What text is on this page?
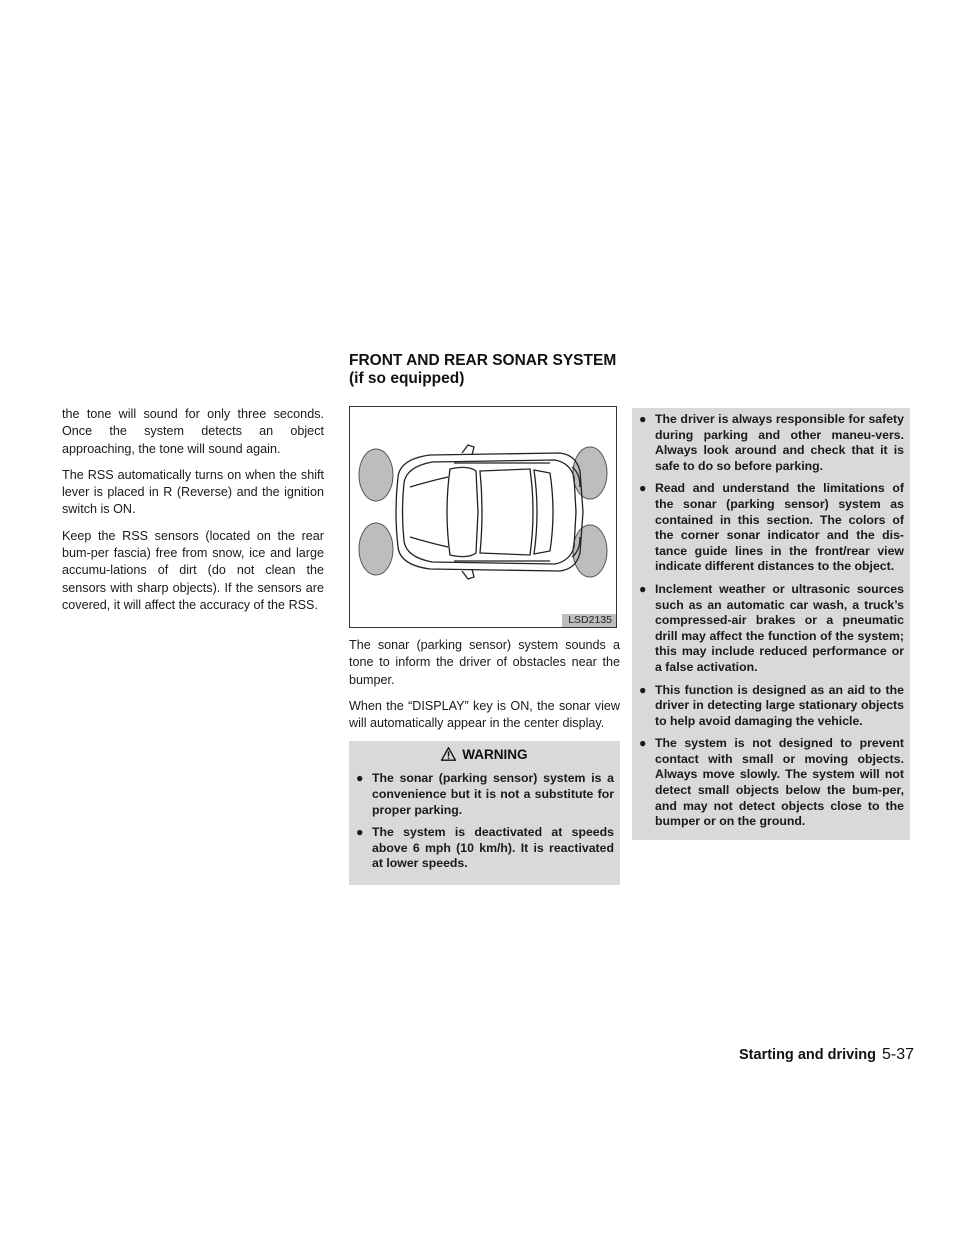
FRONT AND REAR SONAR SYSTEM
(if so equipped)

the tone will sound for only three seconds. Once the system detects an object approaching, the tone will sound again.

The RSS automatically turns on when the shift lever is placed in R (Reverse) and the ignition switch is ON.

Keep the RSS sensors (located on the rear bum-per fascia) free from snow, ice and large accumu-lations of dirt (do not clean the sensors with sharp objects). If the sensors are covered, it will affect the accuracy of the RSS.

LSD2135

The sonar (parking sensor) system sounds a tone to inform the driver of obstacles near the bumper.

When the “DISPLAY” key is ON, the sonar view will automatically appear in the center display.

WARNING
● The sonar (parking sensor) system is a convenience but it is not a substitute for proper parking.
● The system is deactivated at speeds above 6 mph (10 km/h). It is reactivated at lower speeds.
● The driver is always responsible for safety during parking and other maneu-vers. Always look around and check that it is safe to do so before parking.
● Read and understand the limitations of the sonar (parking sensor) system as contained in this section. The colors of the corner sonar indicator and the dis-tance guide lines in the front/rear view indicate different distances to the object.
● Inclement weather or ultrasonic sources such as an automatic car wash, a truck’s compressed-air brakes or a pneumatic drill may affect the function of the system; this may include reduced performance or a false activation.
● This function is designed as an aid to the driver in detecting large stationary objects to help avoid damaging the vehicle.
● The system is not designed to prevent contact with small or moving objects. Always move slowly. The system will not detect small objects below the bum-per, and may not detect objects close to the bumper or on the ground.
Starting and driving 5-37
